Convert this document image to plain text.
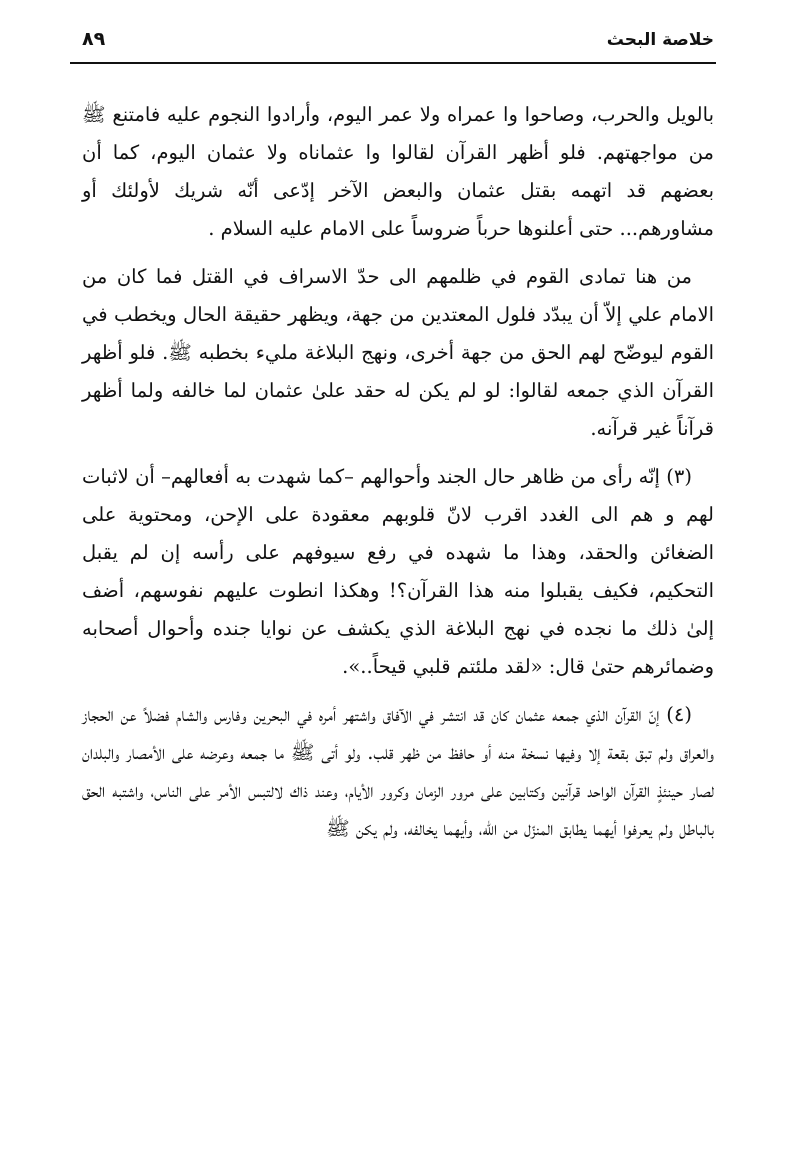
خلاصة البحث
٨٩

بالويل والحرب، وصاحوا وا عمراه ولا عمر اليوم، وأرادوا النجوم عليه فامتنع ﷺ من مواجهتهم. فلو أظهر القرآن لقالوا وا عثماناه ولا عثمان اليوم، كما أن بعضهم قد اتهمه بقتل عثمان والبعض الآخر إدّعى أنّه شريك لأولئك أو مشاورهم... حتى أعلنوها حرباً ضروساً على الامام عليه السلام .

من هنا تمادى القوم في ظلمهم الى حدّ الاسراف في القتل فما كان من الامام علي إلاّ أن يبدّد فلول المعتدين من جهة، ويظهر حقيقة الحال ويخطب في القوم ليوضّح لهم الحق من جهة أخرى، ونهج البلاغة مليء بخطبه ﷺ. فلو أظهر القرآن الذي جمعه لقالوا: لو لم يكن له حقد علىٰ عثمان لما خالفه ولما أظهر قرآناً غير قرآنه.

(٣) إنّه رأى من ظاهر حال الجند وأحوالهم –كما شهدت به أفعالهم– أن لاثبات لهم و هم الى الغدد اقرب لانّ قلوبهم معقودة على الإحن، ومحتوية على الضغائن والحقد، وهذا ما شهده في رفع سيوفهم على رأسه إن لم يقبل التحكيم، فكيف يقبلوا منه هذا القرآن؟! وهكذا انطوت عليهم نفوسهم، أضف إلىٰ ذلك ما نجده في نهج البلاغة الذي يكشف عن نوايا جنده وأحوال أصحابه وضمائرهم حتىٰ قال: «لقد ملئتم قلبي قيحاً..».

(٤) إنّ القرآن الذي جمعه عثمان كان قد انتشر في الآفاق واشتهر أمره في البحرين وفارس والشام فضلاً عن الحجاز والعراق ولم تبق بقعة إلا وفيها نسخة منه أو حافظ من ظهر قلب. ولو أتى ﷺ ما جمعه وعرضه على الأمصار والبلدان لصار حينئذٍ القرآن الواحد قرآنين وكتابين على مرور الزمان وكرور الأيام، وعند ذاك لالتبس الأمر على الناس، واشتبه الحق بالباطل ولم يعرفوا أيهما يطابق المنزّل من الله، وأيهما يخالفه، ولم يكن ﷺ
